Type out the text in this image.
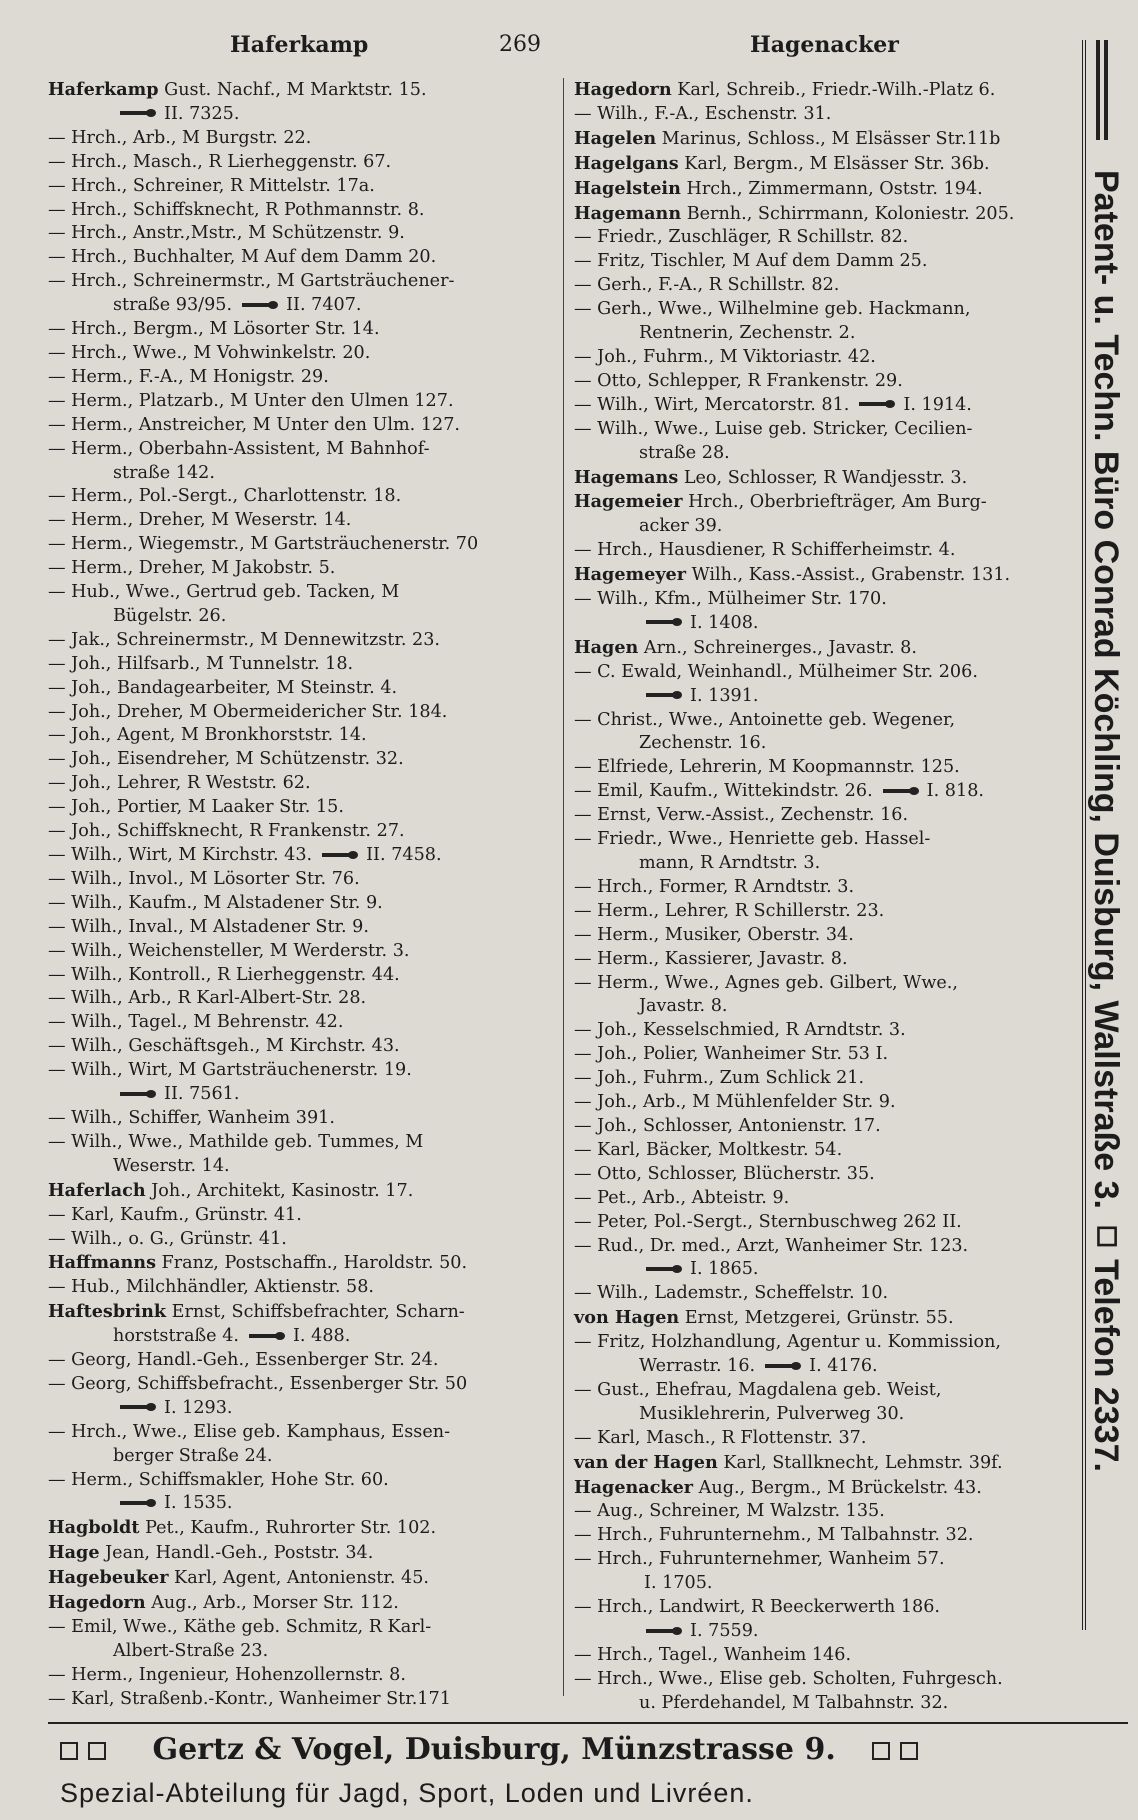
Haferkamp	269	Hagenacker
Haferkamp Gust. Nachf., M Marktstr. 15.
II. 7325.
— Hrch., Arb., M Burgstr. 22.
— Hrch., Masch., R Lierheggenstr. 67.
— Hrch., Schreiner, R Mittelstr. 17a.
— Hrch., Schiffsknecht, R Pothmannstr. 8.
— Hrch., Anstr.,Mstr., M Schützenstr. 9.
— Hrch., Buchhalter, M Auf dem Damm 20.
— Hrch., Schreinermstr., M Gartsträuchener-
straße 93/95.	II. 7407.
— Hrch., Bergm., M Lösorter Str. 14.
— Hrch., Wwe., M Vohwinkelstr. 20.
— Herm., F.-A., M Honigstr. 29.
— Herm., Platzarb., M Unter den Ulmen 127.
— Herm., Anstreicher, M Unter den Ulm. 127.
— Herm., Oberbahn-Assistent, M Bahnhof-
straße 142.
— Herm., Pol.-Sergt., Charlottenstr. 18.
— Herm., Dreher, M Weserstr. 14.
— Herm., Wiegemstr., M Gartsträuchenerstr. 70
— Herm., Dreher, M Jakobstr. 5.
— Hub., Wwe., Gertrud geb. Tacken, M
Bügelstr. 26.
— Jak., Schreinermstr., M Dennewitzstr. 23.
— Joh., Hilfsarb., M Tunnelstr. 18.
— Joh., Bandagearbeiter, M Steinstr. 4.
— Joh., Dreher, M Obermeidericher Str. 184.
— Joh., Agent, M Bronkhorststr. 14.
— Joh., Eisendreher, M Schützenstr. 32.
— Joh., Lehrer, R Weststr. 62.
— Joh., Portier, M Laaker Str. 15.
— Joh., Schiffsknecht, R Frankenstr. 27.
— Wilh., Wirt, M Kirchstr. 43.	II. 7458.
— Wilh., Invol., M Lösorter Str. 76.
— Wilh., Kaufm., M Alstadener Str. 9.
— Wilh., Inval., M Alstadener Str. 9.
— Wilh., Weichensteller, M Werderstr. 3.
— Wilh., Kontroll., R Lierheggenstr. 44.
— Wilh., Arb., R Karl-Albert-Str. 28.
— Wilh., Tagel., M Behrenstr. 42.
— Wilh., Geschäftsgeh., M Kirchstr. 43.
— Wilh., Wirt, M Gartsträuchenerstr. 19.
II. 7561.
— Wilh., Schiffer, Wanheim 391.
— Wilh., Wwe., Mathilde geb. Tummes, M
Weserstr. 14.
Haferlach Joh., Architekt, Kasinostr. 17.
— Karl, Kaufm., Grünstr. 41.
— Wilh., o. G., Grünstr. 41.
Haffmanns Franz, Postschaffn., Haroldstr. 50.
— Hub., Milchhändler, Aktienstr. 58.
Haftesbrink Ernst, Schiffsbefrachter, Scharn-
horststraße 4.	I. 488.
— Georg, Handl.-Geh., Essenberger Str. 24.
— Georg, Schiffsbefracht., Essenberger Str. 50
I. 1293.
— Hrch., Wwe., Elise geb. Kamphaus, Essen-
berger Straße 24.
— Herm., Schiffsmakler, Hohe Str. 60.
I. 1535.
Hagboldt Pet., Kaufm., Ruhrorter Str. 102.
Hage Jean, Handl.-Geh., Poststr. 34.
Hagebeuker Karl, Agent, Antonienstr. 45.
Hagedorn Aug., Arb., Morser Str. 112.
— Emil, Wwe., Käthe geb. Schmitz, R Karl-
Albert-Straße 23.
— Herm., Ingenieur, Hohenzollernstr. 8.
— Karl, Straßenb.-Kontr., Wanheimer Str.171
Hagedorn Karl, Schreib., Friedr.-Wilh.-Platz 6.
— Wilh., F.-A., Eschenstr. 31.
Hagelen Marinus, Schloss., M Elsässer Str.11b
Hagelgans Karl, Bergm., M Elsässer Str. 36b.
Hagelstein Hrch., Zimmermann, Oststr. 194.
Hagemann Bernh., Schirrmann, Koloniestr. 205.
— Friedr., Zuschläger, R Schillstr. 82.
— Fritz, Tischler, M Auf dem Damm 25.
— Gerh., F.-A., R Schillstr. 82.
— Gerh., Wwe., Wilhelmine geb. Hackmann,
Rentnerin, Zechenstr. 2.
— Joh., Fuhrm., M Viktoriastr. 42.
— Otto, Schlepper, R Frankenstr. 29.
— Wilh., Wirt, Mercatorstr. 81.	I. 1914.
— Wilh., Wwe., Luise geb. Stricker, Cecilien-
straße 28.
Hagemans Leo, Schlosser, R Wandjesstr. 3.
Hagemeier Hrch., Oberbriefträger, Am Burg-
acker 39.
— Hrch., Hausdiener, R Schifferheimstr. 4.
Hagemeyer Wilh., Kass.-Assist., Grabenstr. 131.
— Wilh., Kfm., Mülheimer Str. 170.
I. 1408.
Hagen Arn., Schreinerges., Javastr. 8.
— C. Ewald, Weinhandl., Mülheimer Str. 206.
I. 1391.
— Christ., Wwe., Antoinette geb. Wegener,
Zechenstr. 16.
— Elfriede, Lehrerin, M Koopmannstr. 125.
— Emil, Kaufm., Wittekindstr. 26.	I. 818.
— Ernst, Verw.-Assist., Zechenstr. 16.
— Friedr., Wwe., Henriette geb. Hassel-
mann, R Arndtstr. 3.
— Hrch., Former, R Arndtstr. 3.
— Herm., Lehrer, R Schillerstr. 23.
— Herm., Musiker, Oberstr. 34.
— Herm., Kassierer, Javastr. 8.
— Herm., Wwe., Agnes geb. Gilbert, Wwe.,
Javastr. 8.
— Joh., Kesselschmied, R Arndtstr. 3.
— Joh., Polier, Wanheimer Str. 53 I.
— Joh., Fuhrm., Zum Schlick 21.
— Joh., Arb., M Mühlenfelder Str. 9.
— Joh., Schlosser, Antonienstr. 17.
— Karl, Bäcker, Moltkestr. 54.
— Otto, Schlosser, Blücherstr. 35.
— Pet., Arb., Abteistr. 9.
— Peter, Pol.-Sergt., Sternbuschweg 262 II.
— Rud., Dr. med., Arzt, Wanheimer Str. 123.
I. 1865.
— Wilh., Lademstr., Scheffelstr. 10.
von Hagen Ernst, Metzgerei, Grünstr. 55.
— Fritz, Holzhandlung, Agentur u. Kommission,
Werrastr. 16.	I. 4176.
— Gust., Ehefrau, Magdalena geb. Weist,
Musiklehrerin, Pulverweg 30.
— Karl, Masch., R Flottenstr. 37.
van der Hagen Karl, Stallknecht, Lehmstr. 39f.
Hagenacker Aug., Bergm., M Brückelstr. 43.
— Aug., Schreiner, M Walzstr. 135.
— Hrch., Fuhrunternehm., M Talbahnstr. 32.
— Hrch., Fuhrunternehmer, Wanheim 57.
I. 1705.
— Hrch., Landwirt, R Beeckerwerth 186.
I. 7559.
— Hrch., Tagel., Wanheim 146.
— Hrch., Wwe., Elise geb. Scholten, Fuhrgesch.
u. Pferdehandel, M Talbahnstr. 32.
Patent- u. Techn. Büro Conrad Köchling, Duisburg, Wallstraße 3. ◻ Telefon 2337.
Gertz & Vogel, Duisburg, Münzstrasse 9.
Spezial-Abteilung für Jagd, Sport, Loden und Livréen.
